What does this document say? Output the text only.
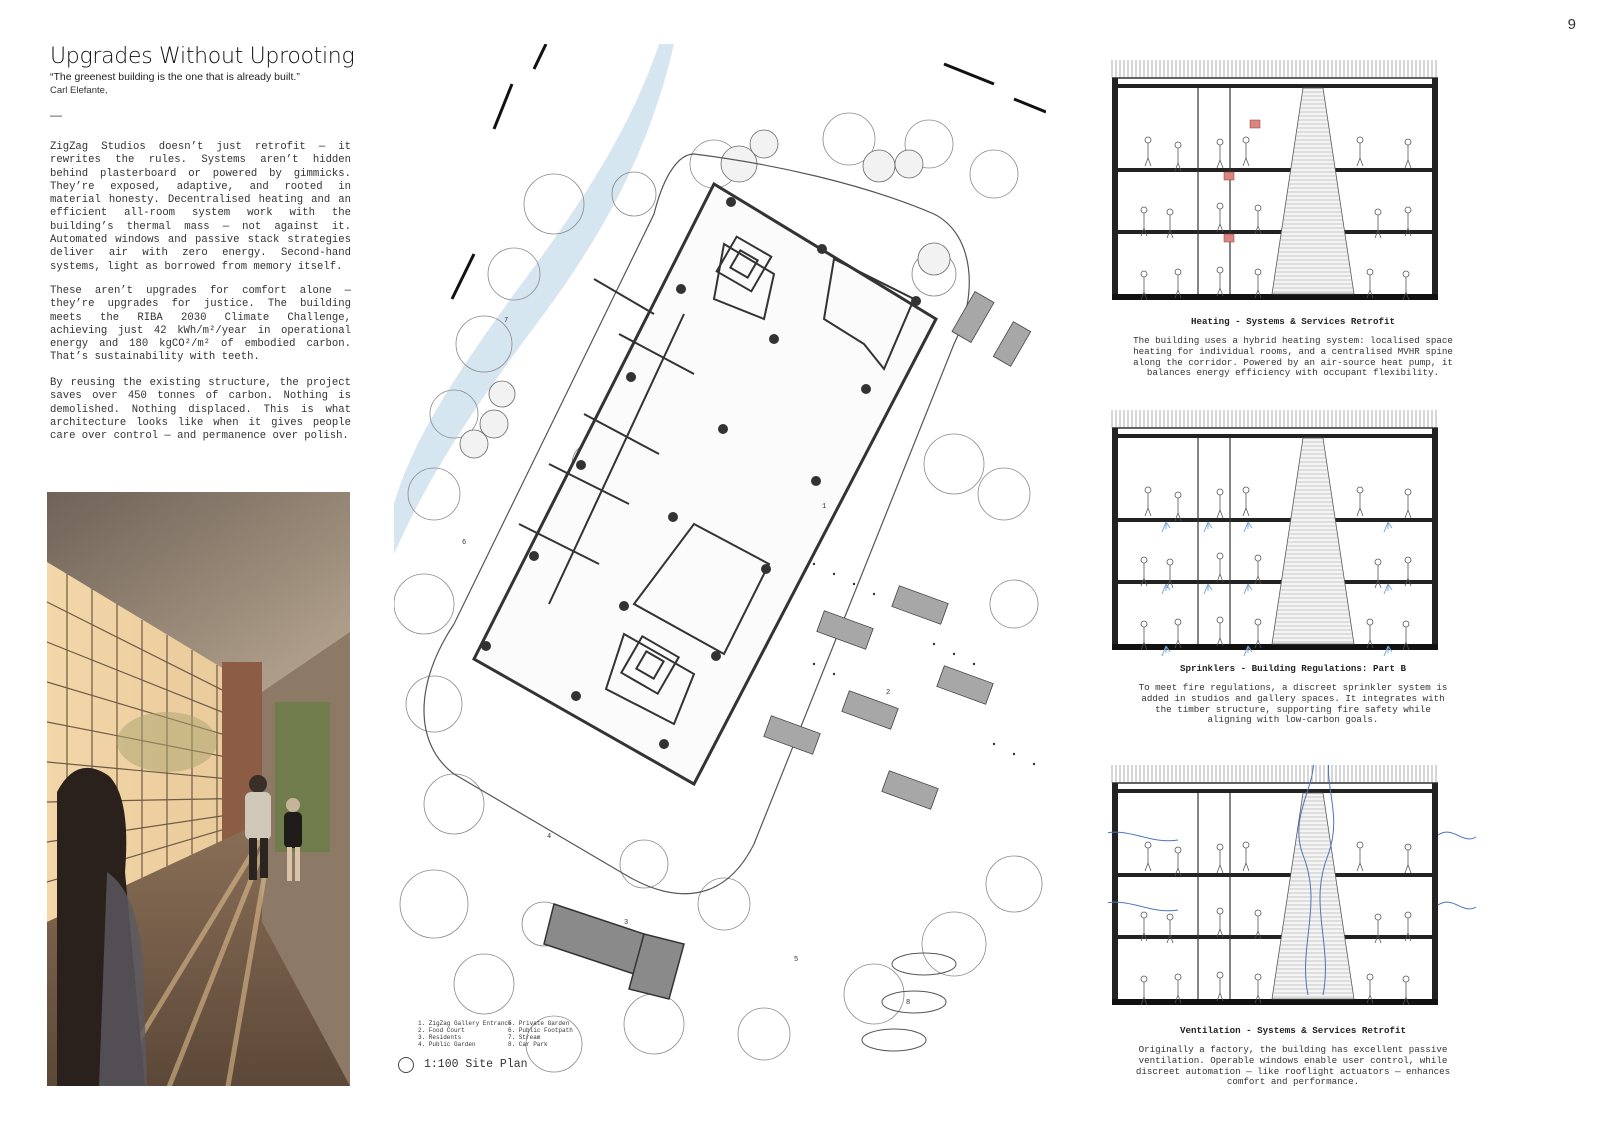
9
Upgrades Without Uprooting
“The greenest building is the one that is already built.”
Carl Elefante,
—
ZigZag Studios doesn’t just retrofit — it rewrites the rules. Systems aren’t hidden behind plasterboard or powered by gimmicks. They’re exposed, adaptive, and rooted in material honesty. Decentralised heating and an efficient all-room system work with the building’s thermal mass — not against it. Automated windows and passive stack strategies deliver air with zero energy. Second-hand systems, light as borrowed from memory itself.
These aren’t upgrades for comfort alone — they’re upgrades for justice. The building meets the RIBA 2030 Climate Challenge, achieving just 42 kWh/m²/year in operational energy and 180 kgCO²/m² of embodied carbon. That’s sustainability with teeth.
By reusing the existing structure, the project saves over 450 tonnes of carbon. Nothing is demolished. Nothing displaced. This is what architecture looks like when it gives people care over control — and permanence over polish.
1
2
3
4
5
6
7
8
1. ZigZag Gallery Entrance
2. Food Court
3. Residents
4. Public Garden
5. Private Garden
6. Public Footpath
7. Stream
8. Car Park
1:100 Site Plan
Heating - Systems & Services Retrofit
The building uses a hybrid heating system: localised space heating for individual rooms, and a centralised MVHR spine along the corridor. Powered by an air-source heat pump, it balances energy efficiency with occupant flexibility.
Sprinklers - Building Regulations: Part B
To meet fire regulations, a discreet sprinkler system is added in studios and gallery spaces. It integrates with the timber structure, supporting fire safety while aligning with low-carbon goals.
Ventilation - Systems & Services Retrofit
Originally a factory, the building has excellent passive ventilation. Operable windows enable user control, while discreet automation — like rooflight actuators — enhances comfort and performance.
